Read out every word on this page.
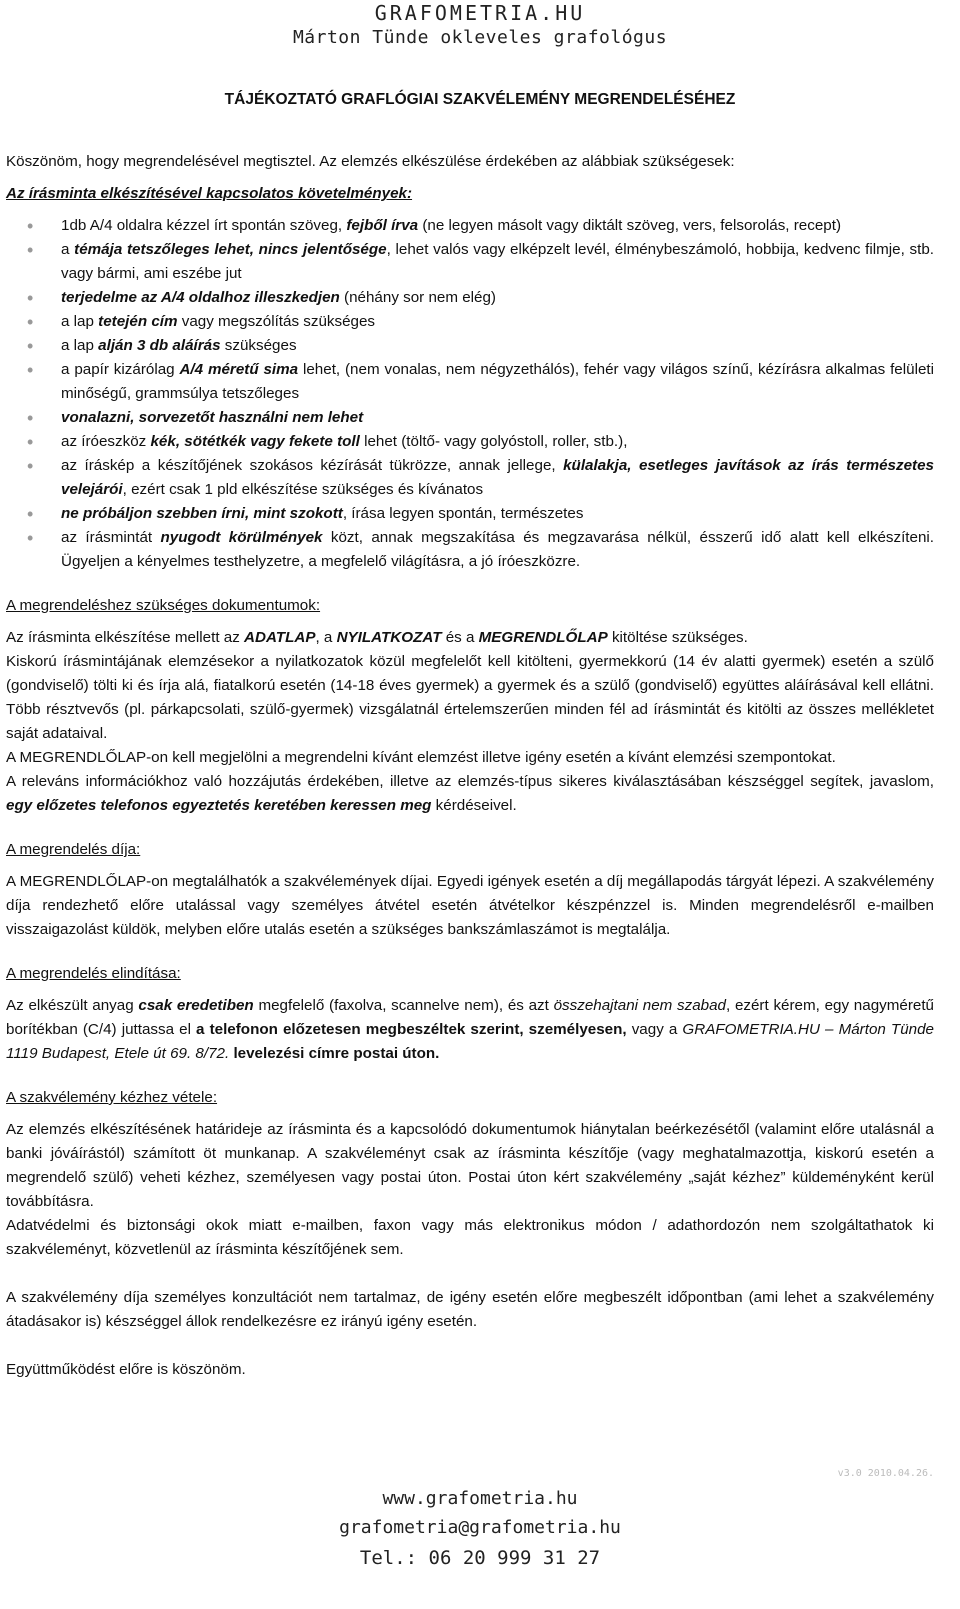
GRAFOMETRIA.HU
Márton Tünde okleveles grafológus
TÁJÉKOZTATÓ GRAFLÓGIAI SZAKVÉLEMÉNY MEGRENDELÉSÉHEZ

Köszönöm, hogy megrendelésével megtisztel. Az elemzés elkészülése érdekében az alábbiak szükségesek:

Az írásminta elkészítésével kapcsolatos követelmények:

• 1db A/4 oldalra kézzel írt spontán szöveg, fejből írva (ne legyen másolt vagy diktált szöveg, vers, felsorolás, recept)
• a témája tetszőleges lehet, nincs jelentősége, lehet valós vagy elképzelt levél, élménybeszámoló, hobbija, kedvenc filmje, stb. vagy bármi, ami eszébe jut
• terjedelme az A/4 oldalhoz illeszkedjen (néhány sor nem elég)
• a lap tetején cím vagy megszólítás szükséges
• a lap alján 3 db aláírás szükséges
• a papír kizárólag A/4 méretű sima lehet, (nem vonalas, nem négyzethálós), fehér vagy világos színű, kézírásra alkalmas felületi minőségű, grammsúlya tetszőleges
• vonalazni, sorvezetőt használni nem lehet
• az íróeszköz kék, sötétkék vagy fekete toll lehet (töltő- vagy golyóstoll, roller, stb.),
• az íráskép a készítőjének szokásos kézírását tükrözze, annak jellege, külalakja, esetleges javítások az írás természetes velejárói, ezért csak 1 pld elkészítése szükséges és kívánatos
• ne próbáljon szebben írni, mint szokott, írása legyen spontán, természetes
• az írásmintát nyugodt körülmények közt, annak megszakítása és megzavarása nélkül, ésszerű idő alatt kell elkészíteni. Ügyeljen a kényelmes testhelyzetre, a megfelelő világításra, a jó íróeszközre.

A megrendeléshez szükséges dokumentumok:

Az írásminta elkészítése mellett az ADATLAP, a NYILATKOZAT és a MEGRENDLŐLAP kitöltése szükséges.

Kiskorú írásmintájának elemzésekor a nyilatkozatok közül megfelelőt kell kitölteni, gyermekkorú (14 év alatti gyermek) esetén a szülő (gondviselő) tölti ki és írja alá, fiatalkorú esetén (14-18 éves gyermek) a gyermek és a szülő (gondviselő) együttes aláírásával kell ellátni. Több résztvevős (pl. párkapcsolati, szülő-gyermek) vizsgálatnál értelemszerűen minden fél ad írásmintát és kitölti az összes mellékletet saját adataival.

A MEGRENDLŐLAP-on kell megjelölni a megrendelni kívánt elemzést illetve igény esetén a kívánt elemzési szempontokat.

A releváns információkhoz való hozzájutás érdekében, illetve az elemzés-típus sikeres kiválasztásában készséggel segítek, javaslom, egy előzetes telefonos egyeztetés keretében keressen meg kérdéseivel.

A megrendelés díja:

A MEGRENDLŐLAP-on megtalálhatók a szakvélemények díjai. Egyedi igények esetén a díj megállapodás tárgyát lépezi. A szakvélemény díja rendezhető előre utalással vagy személyes átvétel esetén átvételkor készpénzzel is. Minden megrendelésről e-mailben visszaigazolást küldök, melyben előre utalás esetén a szükséges bankszámlaszámot is megtalálja.

A megrendelés elindítása:

Az elkészült anyag csak eredetiben megfelelő (faxolva, scannelve nem), és azt összehajtani nem szabad, ezért kérem, egy nagyméretű borítékban (C/4) juttassa el a telefonon előzetesen megbeszéltek szerint, személyesen, vagy a GRAFOMETRIA.HU – Márton Tünde 1119 Budapest, Etele út 69. 8/72. levelezési címre postai úton.

A szakvélemény kézhez vétele:

Az elemzés elkészítésének határideje az írásminta és a kapcsolódó dokumentumok hiánytalan beérkezésétől (valamint előre utalásnál a banki jóváírástól) számított öt munkanap. A szakvéleményt csak az írásminta készítője (vagy meghatalmazottja, kiskorú esetén a megrendelő szülő) veheti kézhez, személyesen vagy postai úton. Postai úton kért szakvélemény „saját kézhez” küldeményként kerül továbbításra.

Adatvédelmi és biztonsági okok miatt e-mailben, faxon vagy más elektronikus módon / adathordozón nem szolgáltathatok ki szakvéleményt, közvetlenül az írásminta készítőjének sem.

A szakvélemény díja személyes konzultációt nem tartalmaz, de igény esetén előre megbeszélt időpontban (ami lehet a szakvélemény átadásakor is) készséggel állok rendelkezésre ez irányú igény esetén.

Együttműködést előre is köszönöm.

v3.0 2010.04.26.
www.grafometria.hu
grafometria@grafometria.hu
Tel.: 06 20 999 31 27
